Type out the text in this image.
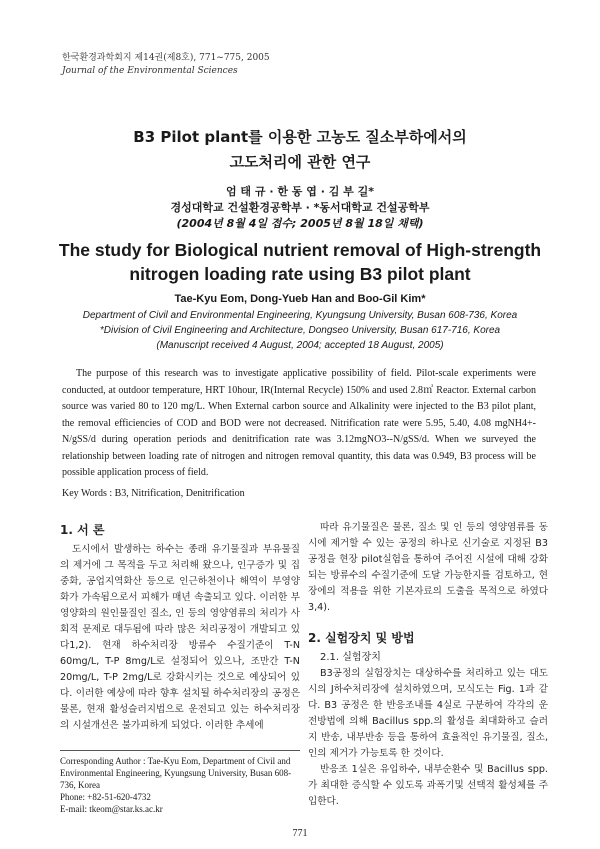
한국환경과학회지 제14권(제8호), 771~775, 2005
Journal of the Environmental Sciences
B3 Pilot plant를 이용한 고농도 질소부하에서의
고도처리에 관한 연구
엄 태 규 · 한 동 엽 · 김 부 길*
경성대학교 건설환경공학부 · *동서대학교 건설공학부
(2004년 8월 4일 접수; 2005년 8월 18일 채택)
The study for Biological nutrient removal of High-strength
nitrogen loading rate using B3 pilot plant
Tae-Kyu Eom, Dong-Yueb Han and Boo-Gil Kim*
Department of Civil and Environmental Engineering, Kyungsung University, Busan 608-736, Korea
*Division of Civil Engineering and Architecture, Dongseo University, Busan 617-716, Korea
(Manuscript received 4 August, 2004; accepted 18 August, 2005)
The purpose of this research was to investigate applicative possibility of field. Pilot-scale experiments were conducted, at outdoor temperature, HRT 10hour, IR(Internal Recycle) 150% and used 2.8㎥ Reactor. External carbon source was varied 80 to 120 mg/L. When External carbon source and Alkalinity were injected to the B3 pilot plant, the removal efficiencies of COD and BOD were not decreased. Nitrification rate were 5.95, 5.40, 4.08 mgNH4+-N/gSS/d during operation periods and denitrification rate was 3.12mgNO3--N/gSS/d. When we surveyed the relationship between loading rate of nitrogen and nitrogen removal quantity, this data was 0.949, B3 process will be possible application process of field.
Key Words : B3, Nitrification, Denitrification
1. 서 론
도시에서 발생하는 하수는 종래 유기물질과 부유물질의 제거에 그 목적을 두고 처리해 왔으나, 인구증가 및 집중화, 공업지역화산 등으로 인근하천이나 해역이 부영양화가 가속됨으로서 피해가 매년 속출되고 있다. 이러한 부영양화의 원인물질인 질소, 인 등의 영양염류의 처리가 사회적 문제로 대두됨에 따라 많은 처리공정이 개발되고 있다1,2). 현재 하수처리장 방류수 수질기준이 T-N 60mg/L, T-P 8mg/L로 설정되어 있으나, 조만간 T-N 20mg/L, T-P 2mg/L로 강화시키는 것으로 예상되어 있다. 이러한 예상에 따라 향후 설치될 하수처리장의 공정은 물론, 현재 활성슬러지법으로 운전되고 있는 하수처리장의 시설개선은 불가피하게 되었다. 이러한 추세에
따라 유기물질은 물론, 질소 및 인 등의 영양염류를 동시에 제거할 수 있는 공정의 하나로 신기술로 지정된 B3 공정을 현장 pilot실험을 통하여 주어진 시설에 대해 강화되는 방류수의 수질기준에 도달 가능한지를 검토하고, 현장에의 적용을 위한 기본자료의 도출을 목적으로 하였다3,4).
2. 실험장치 및 방법
2.1. 실험장치
B3공정의 실험장치는 대상하수를 처리하고 있는 대도시의 J하수처리장에 설치하였으며, 모식도는 Fig. 1과 같다. B3 공정은 한 반응조내를 4실로 구분하여 각각의 운전방법에 의해 Bacillus spp.의 활성을 최대화하고 슬러지 반송, 내부반송 등을 통하여 효율적인 유기물질, 질소, 인의 제거가 가능토록 한 것이다.
반응조 1실은 유입하수, 내부순환수 및 Bacillus spp.가 최대한 증식할 수 있도록 과폭기및 선택적 활성체를 주입한다.
Corresponding Author : Tae-Kyu Eom, Department of Civil and Environmental Engineering, Kyungsung University, Busan 608-736, Korea
Phone: +82-51-620-4732
E-mail: tkeom@star.ks.ac.kr
771
